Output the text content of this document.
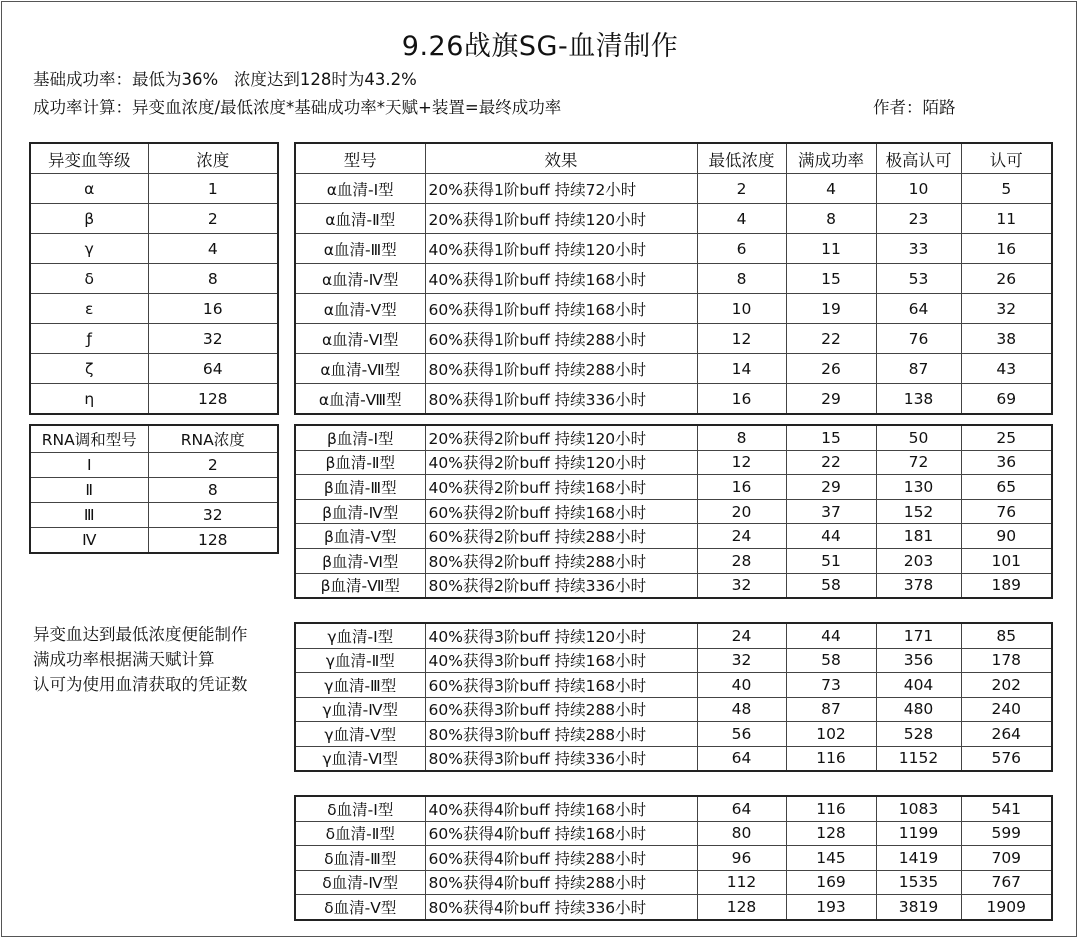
9.26战旗SG-血清制作
基础成功率：最低为36%   浓度达到128时为43.2%
成功率计算：异变血浓度/最低浓度*基础成功率*天赋+装置=最终成功率	作者：陌路
异变血等级	浓度
α	1
β	2
γ	4
δ	8
ε	16
ƒ	32
ζ	64
η	128
RNA调和型号	RNA浓度
Ⅰ	2
Ⅱ	8
Ⅲ	32
Ⅳ	128
异变血达到最低浓度便能制作
满成功率根据满天赋计算
认可为使用血清获取的凭证数
型号	效果	最低浓度	满成功率	极高认可	认可
α血清-Ⅰ型	20%获得1阶buff 持续72小时	2	4	10	5
α血清-Ⅱ型	20%获得1阶buff 持续120小时	4	8	23	11
α血清-Ⅲ型	40%获得1阶buff 持续120小时	6	11	33	16
α血清-Ⅳ型	40%获得1阶buff 持续168小时	8	15	53	26
α血清-Ⅴ型	60%获得1阶buff 持续168小时	10	19	64	32
α血清-Ⅵ型	60%获得1阶buff 持续288小时	12	22	76	38
α血清-Ⅶ型	80%获得1阶buff 持续288小时	14	26	87	43
α血清-Ⅷ型	80%获得1阶buff 持续336小时	16	29	138	69
β血清-Ⅰ型	20%获得2阶buff 持续120小时	8	15	50	25
β血清-Ⅱ型	40%获得2阶buff 持续120小时	12	22	72	36
β血清-Ⅲ型	40%获得2阶buff 持续168小时	16	29	130	65
β血清-Ⅳ型	60%获得2阶buff 持续168小时	20	37	152	76
β血清-Ⅴ型	60%获得2阶buff 持续288小时	24	44	181	90
β血清-Ⅵ型	80%获得2阶buff 持续288小时	28	51	203	101
β血清-Ⅶ型	80%获得2阶buff 持续336小时	32	58	378	189
γ血清-Ⅰ型	40%获得3阶buff 持续120小时	24	44	171	85
γ血清-Ⅱ型	40%获得3阶buff 持续168小时	32	58	356	178
γ血清-Ⅲ型	60%获得3阶buff 持续168小时	40	73	404	202
γ血清-Ⅳ型	60%获得3阶buff 持续288小时	48	87	480	240
γ血清-Ⅴ型	80%获得3阶buff 持续288小时	56	102	528	264
γ血清-Ⅵ型	80%获得3阶buff 持续336小时	64	116	1152	576
δ血清-Ⅰ型	40%获得4阶buff 持续168小时	64	116	1083	541
δ血清-Ⅱ型	60%获得4阶buff 持续168小时	80	128	1199	599
δ血清-Ⅲ型	60%获得4阶buff 持续288小时	96	145	1419	709
δ血清-Ⅳ型	80%获得4阶buff 持续288小时	112	169	1535	767
δ血清-Ⅴ型	80%获得4阶buff 持续336小时	128	193	3819	1909
